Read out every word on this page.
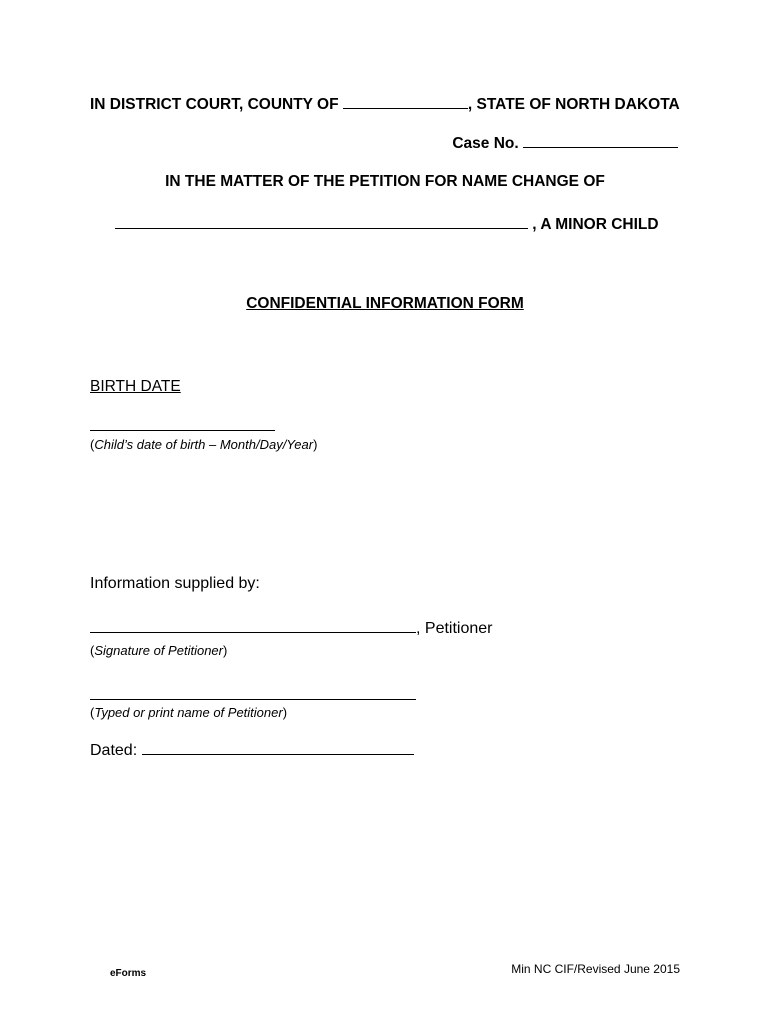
IN DISTRICT COURT, COUNTY OF	, STATE OF NORTH DAKOTA
Case No.
IN THE MATTER OF THE PETITION FOR NAME CHANGE OF
, A MINOR CHILD
CONFIDENTIAL INFORMATION FORM
BIRTH DATE
(Child’s date of birth – Month/Day/Year)
Information supplied by:
, Petitioner
(Signature of Petitioner)
(Typed or print name of Petitioner)
Dated:
eForms	Min NC CIF/Revised June 2015
